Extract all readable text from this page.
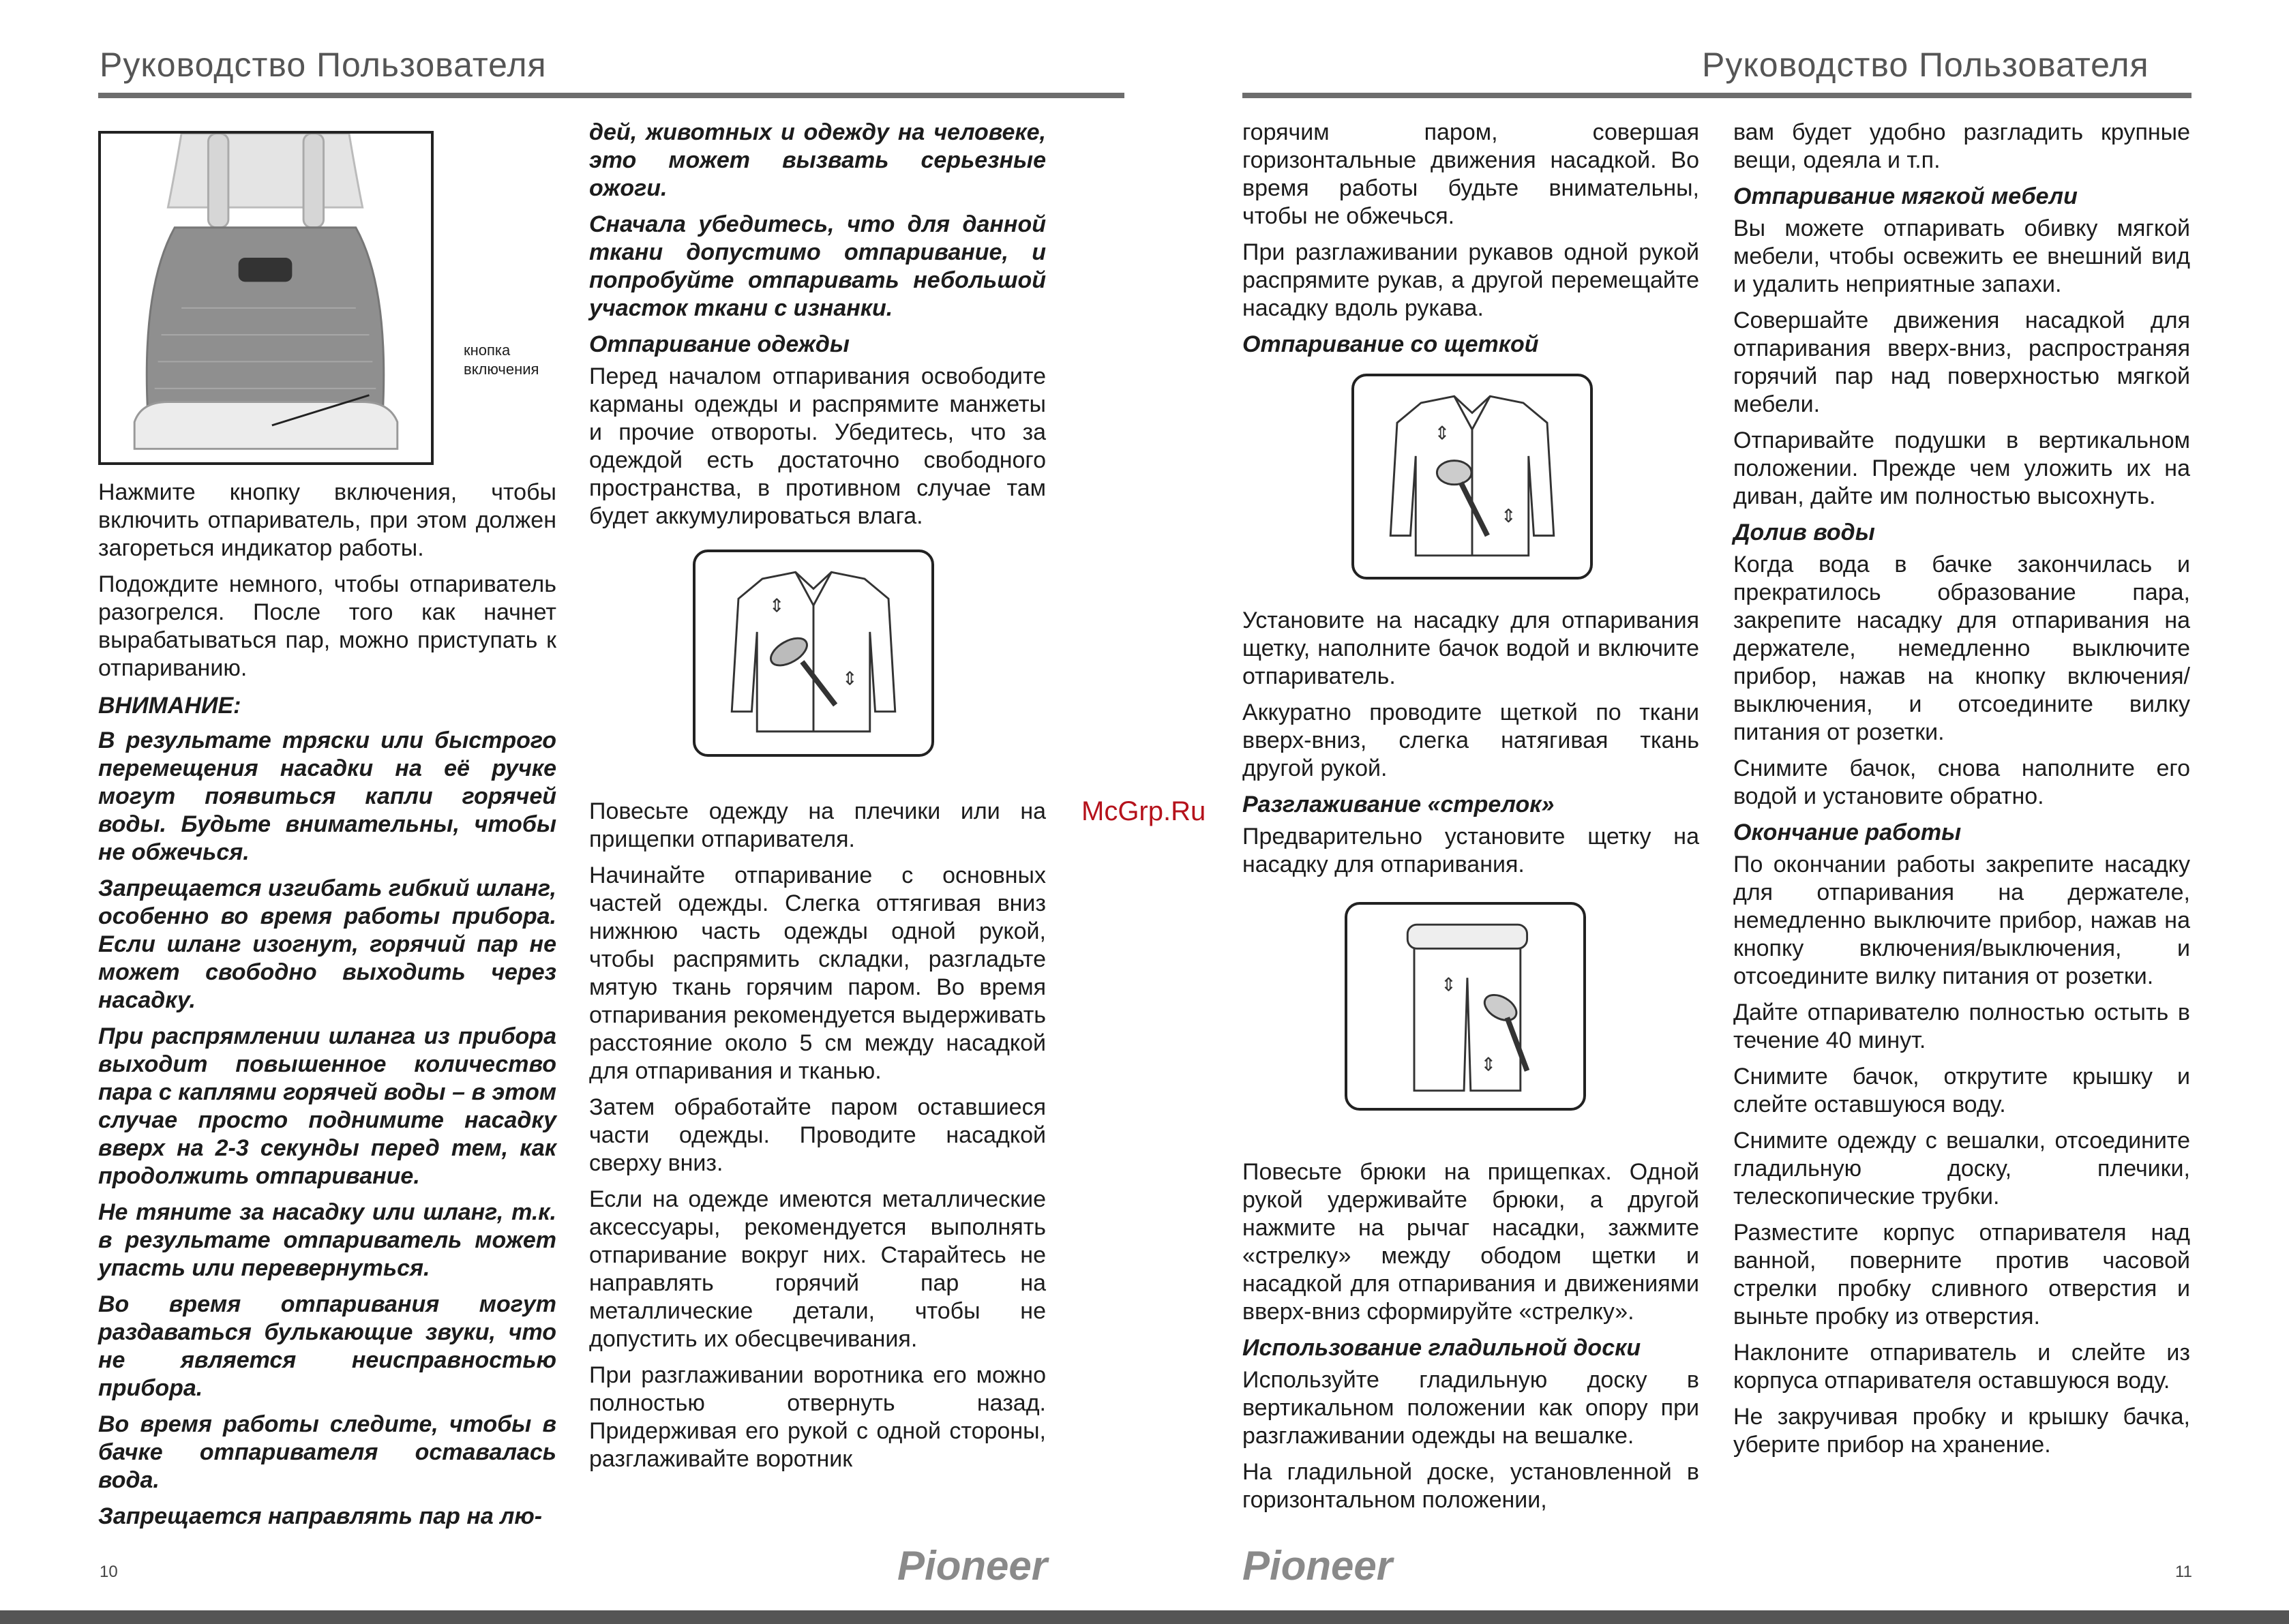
Руководство Пользователя
кнопка
включения

Нажмите кнопку включения, чтобы включить отпариватель, при этом должен загореться индикатор работы.

Подождите немного, чтобы отпариватель разогрелся. После того как начнет вырабатываться пар, можно приступать к отпариванию.

ВНИМАНИЕ:

В результате тряски или быстрого перемещения насадки на её ручке могут появиться капли горячей воды. Будьте внимательны, чтобы не обжечься.

Запрещается изгибать гибкий шланг, особенно во время работы прибора. Если шланг изогнут, горячий пар не может свободно выходить через насадку.

При распрямлении шланга из прибора выходит повышенное количество пара с каплями горячей воды – в этом случае просто поднимите насадку вверх на 2-3 секунды перед тем, как продолжить отпаривание.

Не тяните за насадку или шланг, т.к. в результате отпариватель может упасть или перевернуться.

Во время отпаривания могут раздаваться булькающие звуки, что не является неисправностью прибора.

Во время работы следите, чтобы в бачке отпаривателя оставалась вода.

Запрещается направлять пар на лю-

дей, животных и одежду на человеке, это может вызвать серьезные ожоги.

Сначала убедитесь, что для данной ткани допустимо отпаривание, и попробуйте отпаривать небольшой участок ткани с изнанки.

Отпаривание одежды

Перед началом отпаривания освободите карманы одежды и распрямите манжеты и прочие отвороты. Убедитесь, что за одеждой есть достаточно свободного пространства, в противном случае там будет аккумулироваться влага.

⇕
⇕

Повесьте одежду на плечики или на прищепки отпаривателя.

Начинайте отпаривание с основных частей одежды. Слегка оттягивая вниз нижнюю часть одежды одной рукой, чтобы распрямить складки, разгладьте мятую ткань горячим паром. Во время отпаривания рекомендуется выдерживать расстояние около 5 см между насадкой для отпаривания и тканью.

Затем обработайте паром оставшиеся части одежды. Проводите насадкой сверху вниз.

Если на одежде имеются металлические аксессуары, рекомендуется выполнять отпаривание вокруг них. Старайтесь не направлять горячий пар на металлические детали, чтобы не допустить их обесцвечивания.

При разглаживании воротника его можно полностью отвернуть назад. Придерживая его рукой с одной стороны, разглаживайте воротник

10	Pioneer
McGrp.Ru
Руководство Пользователя

горячим паром, совершая горизонтальные движения насадкой. Во время работы будьте внимательны, чтобы не обжечься.

При разглаживании рукавов одной рукой распрямите рукав, а другой перемещайте насадку вдоль рукава.

Отпаривание со щеткой
⇕
⇕

Установите на насадку для отпаривания щетку, наполните бачок водой и включите отпариватель.

Аккуратно проводите щеткой по ткани вверх-вниз, слегка натягивая ткань другой рукой.

Разглаживание «стрелок»

Предварительно установите щетку на насадку для отпаривания.

⇕
⇕

Повесьте брюки на прищепках. Одной рукой удерживайте брюки, а другой нажмите на рычаг насадки, зажмите «стрелку» между ободом щетки и насадкой для отпаривания и движениями вверх-вниз сформируйте «стрелку».

Использование гладильной доски

Используйте гладильную доску в вертикальном положении как опору при разглаживании одежды на вешалке.

На гладильной доске, установленной в горизонтальном положении,

вам будет удобно разгладить крупные вещи, одеяла и т.п.

Отпаривание мягкой мебели

Вы можете отпаривать обивку мягкой мебели, чтобы освежить ее внешний вид и удалить неприятные запахи.

Совершайте движения насадкой для отпаривания вверх-вниз, распространяя горячий пар над поверхностью мягкой мебели.

Отпаривайте подушки в вертикальном положении. Прежде чем уложить их на диван, дайте им полностью высохнуть.

Долив воды

Когда вода в бачке закончилась и прекратилось образование пара, закрепите насадку для отпаривания на держателе, немедленно выключите прибор, нажав на кнопку включения/выключения, и отсоедините вилку питания от розетки.

Снимите бачок, снова наполните его водой и установите обратно.

Окончание работы

По окончании работы закрепите насадку для отпаривания на держателе, немедленно выключите прибор, нажав на кнопку включения/выключения, и отсоедините вилку питания от розетки.

Дайте отпаривателю полностью остыть в течение 40 минут.

Снимите бачок, открутите крышку и слейте оставшуюся воду.

Снимите одежду с вешалки, отсоедините гладильную доску, плечики, телескопические трубки.

Разместите корпус отпаривателя над ванной, поверните против часовой стрелки пробку сливного отверстия и выньте пробку из отверстия.

Наклоните отпариватель и слейте из корпуса отпаривателя оставшуюся воду.

Не закручивая пробку и крышку бачка, уберите прибор на хранение.

Pioneer	11
